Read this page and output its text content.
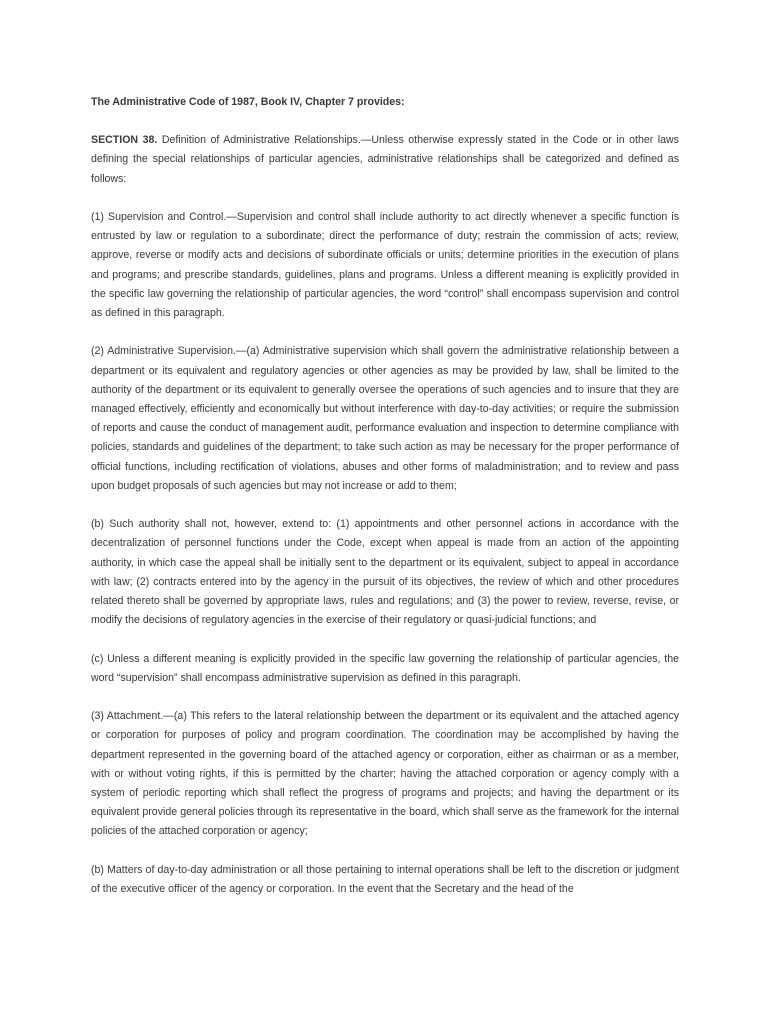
The Administrative Code of 1987, Book IV, Chapter 7 provides:

SECTION 38. Definition of Administrative Relationships.—Unless otherwise expressly stated in the Code or in other laws defining the special relationships of particular agencies, administrative relationships shall be categorized and defined as follows:

(1) Supervision and Control.—Supervision and control shall include authority to act directly whenever a specific function is entrusted by law or regulation to a subordinate; direct the performance of duty; restrain the commission of acts; review, approve, reverse or modify acts and decisions of subordinate officials or units; determine priorities in the execution of plans and programs; and prescribe standards, guidelines, plans and programs. Unless a different meaning is explicitly provided in the specific law governing the relationship of particular agencies, the word “control” shall encompass supervision and control as defined in this paragraph.

(2) Administrative Supervision.—(a) Administrative supervision which shall govern the administrative relationship between a department or its equivalent and regulatory agencies or other agencies as may be provided by law, shall be limited to the authority of the department or its equivalent to generally oversee the operations of such agencies and to insure that they are managed effectively, efficiently and economically but without interference with day-to-day activities; or require the submission of reports and cause the conduct of management audit, performance evaluation and inspection to determine compliance with policies, standards and guidelines of the department; to take such action as may be necessary for the proper performance of official functions, including rectification of violations, abuses and other forms of maladministration; and to review and pass upon budget proposals of such agencies but may not increase or add to them;

(b) Such authority shall not, however, extend to: (1) appointments and other personnel actions in accordance with the decentralization of personnel functions under the Code, except when appeal is made from an action of the appointing authority, in which case the appeal shall be initially sent to the department or its equivalent, subject to appeal in accordance with law; (2) contracts entered into by the agency in the pursuit of its objectives, the review of which and other procedures related thereto shall be governed by appropriate laws, rules and regulations; and (3) the power to review, reverse, revise, or modify the decisions of regulatory agencies in the exercise of their regulatory or quasi-judicial functions; and

(c) Unless a different meaning is explicitly provided in the specific law governing the relationship of particular agencies, the word “supervision” shall encompass administrative supervision as defined in this paragraph.

(3) Attachment.—(a) This refers to the lateral relationship between the department or its equivalent and the attached agency or corporation for purposes of policy and program coordination. The coordination may be accomplished by having the department represented in the governing board of the attached agency or corporation, either as chairman or as a member, with or without voting rights, if this is permitted by the charter; having the attached corporation or agency comply with a system of periodic reporting which shall reflect the progress of programs and projects; and having the department or its equivalent provide general policies through its representative in the board, which shall serve as the framework for the internal policies of the attached corporation or agency;

(b) Matters of day-to-day administration or all those pertaining to internal operations shall be left to the discretion or judgment of the executive officer of the agency or corporation. In the event that the Secretary and the head of the
